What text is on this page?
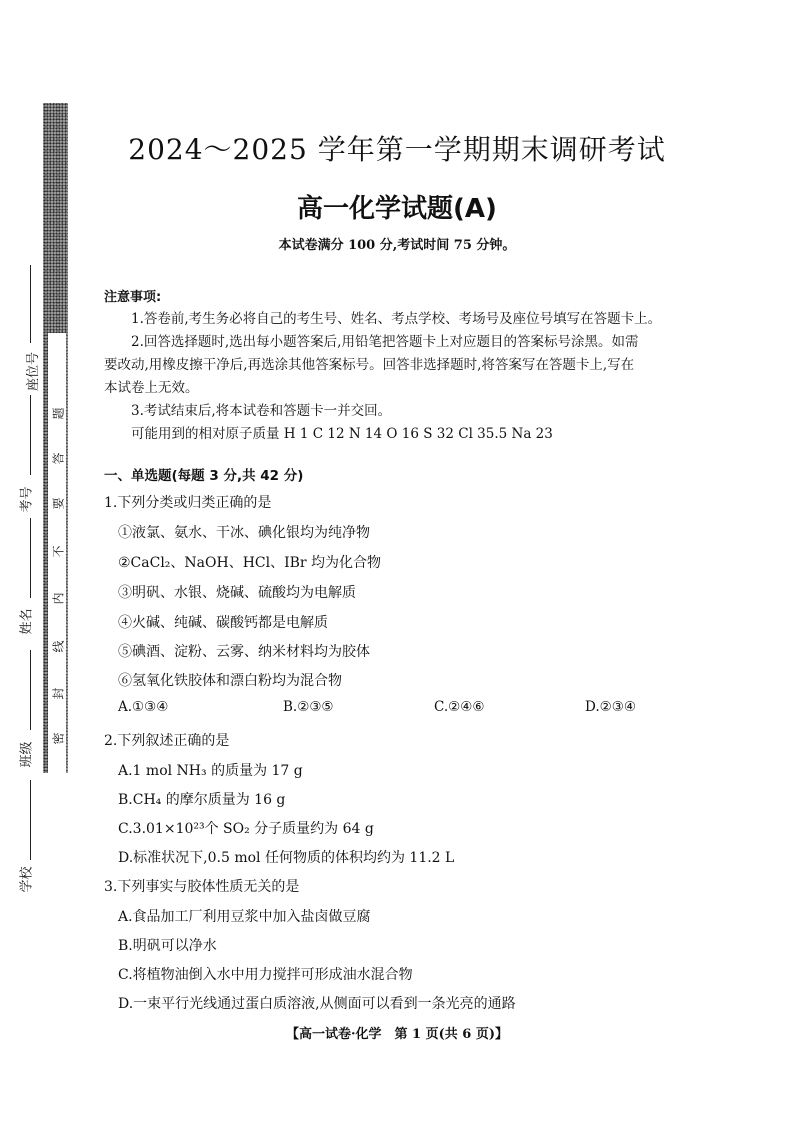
题
答
要
不
内
线
封
密
座位号
考号
姓名
班级
学校
2024～2025 学年第一学期期末调研考试
高一化学试题(A)
本试卷满分 100 分,考试时间 75 分钟。
注意事项:
1.答卷前,考生务必将自己的考生号、姓名、考点学校、考场号及座位号填写在答题卡上。
2.回答选择题时,选出每小题答案后,用铅笔把答题卡上对应题目的答案标号涂黑。如需
要改动,用橡皮擦干净后,再选涂其他答案标号。回答非选择题时,将答案写在答题卡上,写在
本试卷上无效。
3.考试结束后,将本试卷和答题卡一并交回。
可能用到的相对原子质量 H 1 C 12 N 14 O 16 S 32 Cl 35.5 Na 23
一、单选题(每题 3 分,共 42 分)
1.下列分类或归类正确的是
①液氯、氨水、干冰、碘化银均为纯净物
②CaCl₂、NaOH、HCl、IBr 均为化合物
③明矾、水银、烧碱、硫酸均为电解质
④火碱、纯碱、碳酸钙都是电解质
⑤碘酒、淀粉、云雾、纳米材料均为胶体
⑥氢氧化铁胶体和漂白粉均为混合物
A.①③④	B.②③⑤	C.②④⑥	D.②③④
2.下列叙述正确的是
A.1 mol NH₃ 的质量为 17 g
B.CH₄ 的摩尔质量为 16 g
C.3.01×10²³个 SO₂ 分子质量约为 64 g
D.标准状况下,0.5 mol 任何物质的体积均约为 11.2 L
3.下列事实与胶体性质无关的是
A.食品加工厂利用豆浆中加入盐卤做豆腐
B.明矾可以净水
C.将植物油倒入水中用力搅拌可形成油水混合物
D.一束平行光线通过蛋白质溶液,从侧面可以看到一条光亮的通路
【高一试卷·化学　第 1 页(共 6 页)】
